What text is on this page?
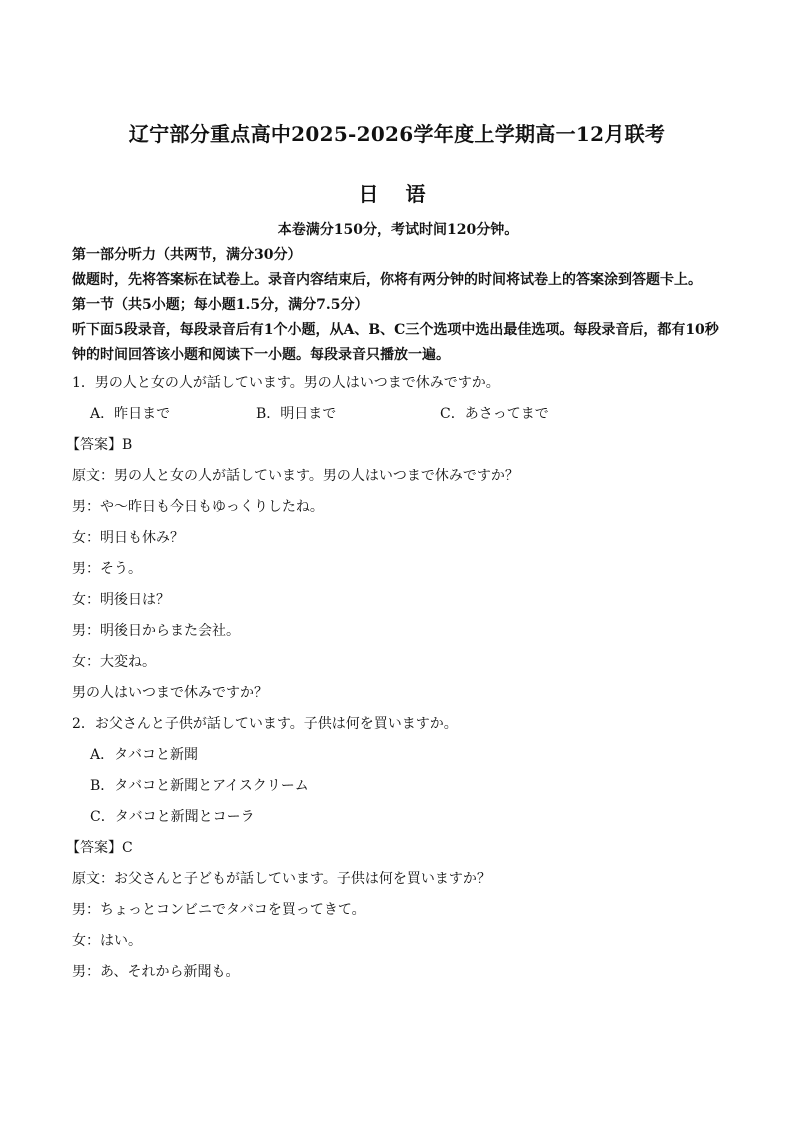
辽宁部分重点高中2025-2026学年度上学期高一12月联考
日 语
本卷满分150分，考试时间120分钟。
第一部分听力（共两节，满分30分）
做题时，先将答案标在试卷上。录音内容结束后，你将有两分钟的时间将试卷上的答案涂到答题卡上。
第一节（共5小题；每小题1.5分，满分7.5分）
听下面5段录音，每段录音后有1个小题，从A、B、C三个选项中选出最佳选项。每段录音后，都有10秒钟的时间回答该小题和阅读下一小题。每段录音只播放一遍。
1．男の人と女の人が話しています。男の人はいつまで休みですか。
A．昨日まで	B．明日まで	C．あさってまで
【答案】B
原文：男の人と女の人が話しています。男の人はいつまで休みですか？
男：や～昨日も今日もゆっくりしたね。
女：明日も休み？
男：そう。
女：明後日は？
男：明後日からまた会社。
女：大変ね。
男の人はいつまで休みですか？
2．お父さんと子供が話しています。子供は何を買いますか。
A．タバコと新聞
B．タバコと新聞とアイスクリーム
C．タバコと新聞とコーラ
【答案】C
原文：お父さんと子どもが話しています。子供は何を買いますか？
男：ちょっとコンビニでタバコを買ってきて。
女：はい。
男：あ、それから新聞も。
